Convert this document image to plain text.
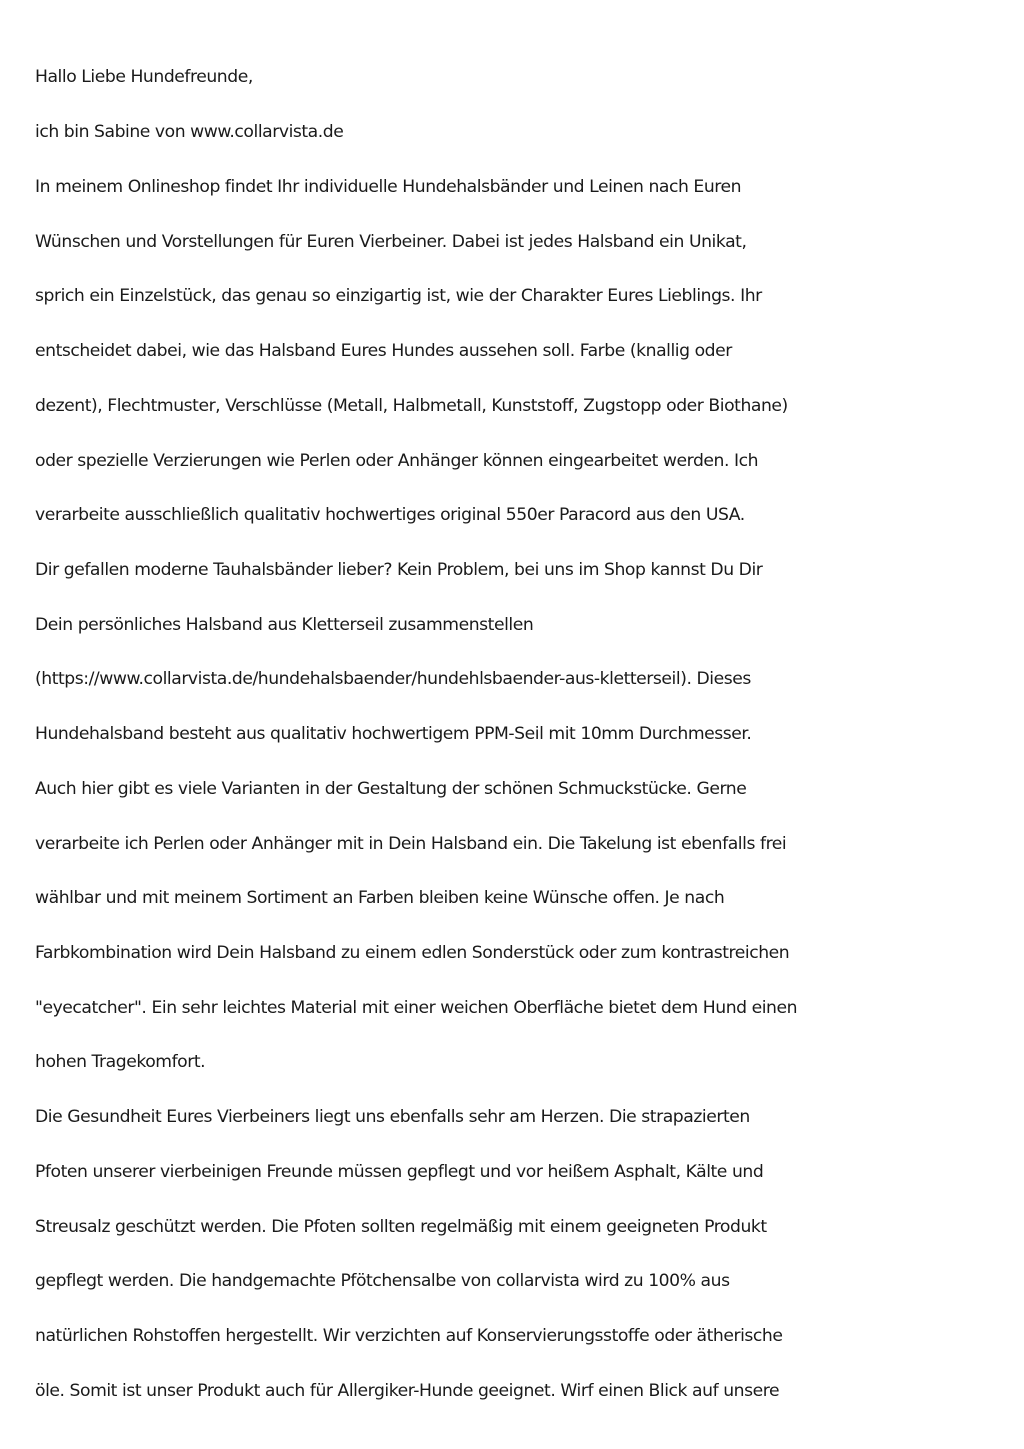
Hallo Liebe Hundefreunde,
ich bin Sabine von www.collarvista.de
In meinem Onlineshop findet Ihr individuelle Hundehalsbänder und Leinen nach Euren
Wünschen und Vorstellungen für Euren Vierbeiner. Dabei ist jedes Halsband ein Unikat,
sprich ein Einzelstück, das genau so einzigartig ist, wie der Charakter Eures Lieblings. Ihr
entscheidet dabei, wie das Halsband Eures Hundes aussehen soll. Farbe (knallig oder
dezent), Flechtmuster, Verschlüsse (Metall, Halbmetall, Kunststoff, Zugstopp oder Biothane)
oder spezielle Verzierungen wie Perlen oder Anhänger können eingearbeitet werden. Ich
verarbeite ausschließlich qualitativ hochwertiges original 550er Paracord aus den USA.
Dir gefallen moderne Tauhalsbänder lieber? Kein Problem, bei uns im Shop kannst Du Dir
Dein persönliches Halsband aus Kletterseil zusammenstellen
(https://www.collarvista.de/hundehalsbaender/hundehlsbaender-aus-kletterseil). Dieses
Hundehalsband besteht aus qualitativ hochwertigem PPM-Seil mit 10mm Durchmesser.
Auch hier gibt es viele Varianten in der Gestaltung der schönen Schmuckstücke. Gerne
verarbeite ich Perlen oder Anhänger mit in Dein Halsband ein. Die Takelung ist ebenfalls frei
wählbar und mit meinem Sortiment an Farben bleiben keine Wünsche offen. Je nach
Farbkombination wird Dein Halsband zu einem edlen Sonderstück oder zum kontrastreichen
"eyecatcher". Ein sehr leichtes Material mit einer weichen Oberfläche bietet dem Hund einen
hohen Tragekomfort.
Die Gesundheit Eures Vierbeiners liegt uns ebenfalls sehr am Herzen. Die strapazierten
Pfoten unserer vierbeinigen Freunde müssen gepflegt und vor heißem Asphalt, Kälte und
Streusalz geschützt werden. Die Pfoten sollten regelmäßig mit einem geeigneten Produkt
gepflegt werden. Die handgemachte Pfötchensalbe von collarvista wird zu 100% aus
natürlichen Rohstoffen hergestellt. Wir verzichten auf Konservierungsstoffe oder ätherische
öle. Somit ist unser Produkt auch für Allergiker-Hunde geeignet. Wirf einen Blick auf unsere
